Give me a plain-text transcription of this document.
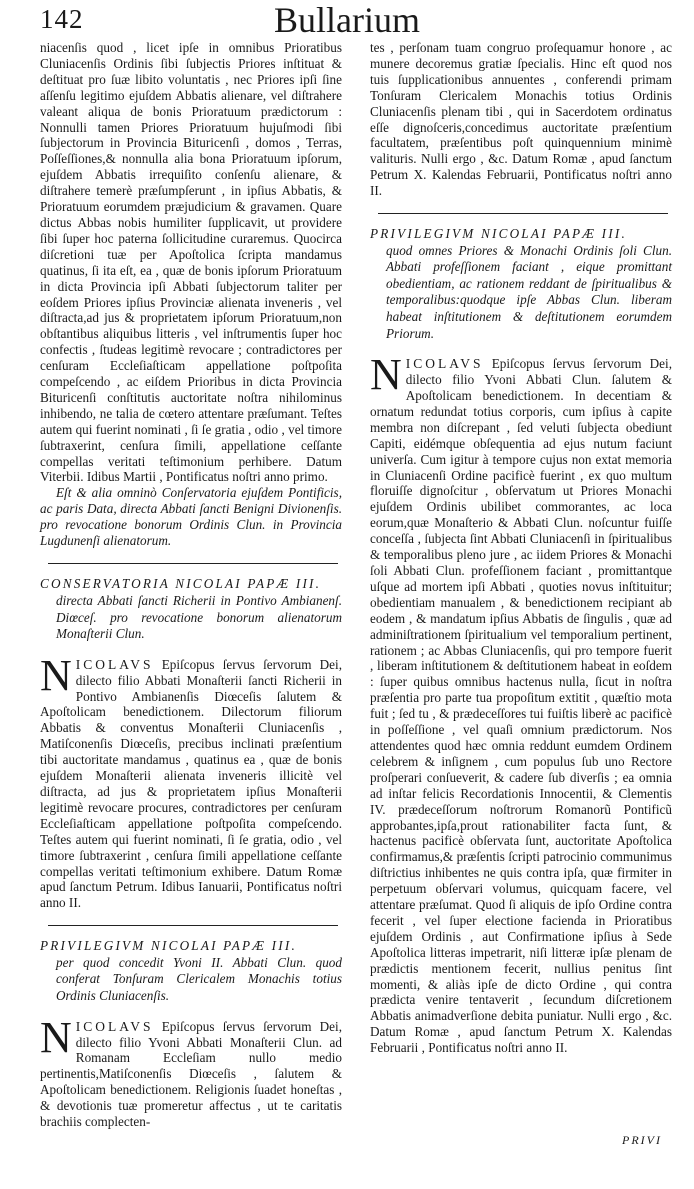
142	Bullarium

niacenſis quod , licet ipſe in omnibus Prioratibus Cluniacenſis Ordinis ſibi ſubjectis Priores inſtituat & deſtituat pro ſuæ libito voluntatis , nec Priores ipſi ſine aſſenſu legitimo ejuſdem Abbatis alienare, vel diſtrahere valeant aliqua de bonis Prioratuum prædictorum : Nonnulli tamen Priores Prioratuum hujuſmodi ſibi ſubjectorum in Provincia Bituricenſi , domos , Terras, Poſſeſſiones,& nonnulla alia bona Prioratuum ipſorum, ejuſdem Abbatis irrequiſito conſenſu alienare, & diſtrahere temerè præſumpſerunt , in ipſius Abbatis, & Prioratuum eorumdem præjudicium & gravamen. Quare dictus Abbas nobis humiliter ſupplicavit, ut providere ſibi ſuper hoc paterna ſollicitudine curaremus. Quocirca diſcretioni tuæ per Apoſtolica ſcripta mandamus quatinus, ſi ita eſt, ea , quæ de bonis ipſorum Prioratuum in dicta Provincia ipſi Abbati ſubjectorum taliter per eoſdem Priores ipſius Provinciæ alienata inveneris , vel diſtracta,ad jus & proprietatem ipſorum Prioratuum,non obſtantibus aliquibus litteris , vel inſtrumentis ſuper hoc confectis , ſtudeas legitimè revocare ; contradictores per cenſuram Eccleſiaſticam appellatione poſtpoſita compeſcendo , ac eiſdem Prioribus in dicta Provincia Bituricenſi conſtitutis auctoritate noſtra nihilominus inhibendo, ne talia de cœtero attentare præſumant. Teſtes autem qui fuerint nominati , ſi ſe gratia , odio , vel timore ſubtraxerint, cenſura ſimili, appellatione ceſſante compellas veritati teſtimonium perhibere. Datum Viterbii. Idibus Martii , Pontificatus noſtri anno primo.

Eſt & alia omninò Conſervatoria ejuſdem Pontificis, ac paris Data, directa Abbati ſancti Benigni Divionenſis. pro revocatione bonorum Ordinis Clun. in Provincia Lugdunenſi alienatorum.

CONSERVATORIA NICOLAI PAPÆ III.
directa Abbati ſancti Richerii in Pontivo Ambianenſ. Diœceſ. pro revocatione bonorum alienatorum Monaſterii Clun.

NICOLAVS Epiſcopus ſervus ſervorum Dei, dilecto filio Abbati Monaſterii ſancti Richerii in Pontivo Ambianenſis Diœceſis ſalutem & Apoſtolicam benedictionem. Dilectorum filiorum Abbatis & conventus Monaſterii Cluniacenſis , Matiſconenſis Diœceſis, precibus inclinati præſentium tibi auctoritate mandamus , quatinus ea , quæ de bonis ejuſdem Monaſterii alienata inveneris illicitè vel diſtracta, ad jus & proprietatem ipſius Monaſterii legitimè revocare procures, contradictores per cenſuram Eccleſiaſticam appellatione poſtpoſita compeſcendo. Teſtes autem qui fuerint nominati, ſi ſe gratia, odio , vel timore ſubtraxerint , cenſura ſimili appellatione ceſſante compellas veritati teſtimonium exhibere. Datum Romæ apud ſanctum Petrum. Idibus Ianuarii, Pontificatus noſtri anno II.

PRIVILEGIVM NICOLAI PAPÆ III.
per quod concedit Yvoni II. Abbati Clun. quod conferat Tonſuram Clericalem Monachis totius Ordinis Cluniacenſis.

NICOLAVS Epiſcopus ſervus ſervorum Dei, dilecto filio Yvoni Abbati Monaſterii Clun. ad Romanam Eccleſiam nullo medio pertinentis,Matiſconenſis Diœceſis , ſalutem & Apoſtolicam benedictionem. Religionis ſuadet honeſtas , & devotionis tuæ promeretur affectus , ut te caritatis brachiis complecten-

tes , perſonam tuam congruo proſequamur honore , ac munere decoremus gratiæ ſpecialis. Hinc eſt quod nos tuis ſupplicationibus annuentes , conferendi primam Tonſuram Clericalem Monachis totius Ordinis Cluniacenſis plenam tibi , qui in Sacerdotem ordinatus eſſe dignoſceris,concedimus auctoritate præſentium facultatem, præſentibus poſt quinquennium minimè valituris. Nulli ergo , &c. Datum Romæ , apud ſanctum Petrum X. Kalendas Februarii, Pontificatus noſtri anno II.

PRIVILEGIVM NICOLAI PAPÆ III.
quod omnes Priores & Monachi Ordinis ſoli Clun. Abbati profeſſionem faciant , eique promittant obedientiam, ac rationem reddant de ſpiritualibus & temporalibus:quodque ipſe Abbas Clun. liberam habeat inſtitutionem & deſtitutionem eorumdem Priorum.

NICOLAVS Epiſcopus ſervus ſervorum Dei, dilecto filio Yvoni Abbati Clun. ſalutem & Apoſtolicam benedictionem. In decentiam & ornatum redundat totius corporis, cum ipſius à capite membra non diſcrepant , ſed veluti ſubjecta obediunt Capiti, eidémque obſequentia ad ejus nutum faciunt univerſa. Cum igitur à tempore cujus non extat memoria in Cluniacenſi Ordine pacificè fuerint , ex quo multum floruiſſe dignoſcitur , obſervatum ut Priores Monachi ejuſdem Ordinis ubilibet commorantes, ac loca eorum,quæ Monaſterio & Abbati Clun. noſcuntur fuiſſe conceſſa , ſubjecta ſint Abbati Cluniacenſi in ſpiritualibus & temporalibus pleno jure , ac iidem Priores & Monachi ſoli Abbati Clun. profeſſionem faciant , promittantque uſque ad mortem ipſi Abbati , quoties novus inſtituitur; obedientiam manualem , & benedictionem recipiant ab eodem , & mandatum ipſius Abbatis de ſingulis , quæ ad adminiſtrationem ſpiritualium vel temporalium pertinent, rationem ; ac Abbas Cluniacenſis, qui pro tempore fuerit , liberam inſtitutionem & deſtitutionem habeat in eoſdem : ſuper quibus omnibus hactenus nulla, ſicut in noſtra præſentia pro parte tua propoſitum extitit , quæſtio mota fuit ; ſed tu , & prædeceſſores tui fuiſtis liberè ac pacificè in poſſeſſione , vel quaſi omnium prædictorum. Nos attendentes quod hæc omnia reddunt eumdem Ordinem celebrem & inſignem , cum populus ſub uno Rectore proſperari conſueverit, & cadere ſub diverſis ; ea omnia ad inſtar felicis Recordationis Innocentii, & Clementis IV. prædeceſſorum noſtrorum Romanorũ Pontificũ approbantes,ipſa,prout rationabiliter facta ſunt, & hactenus pacificè obſervata ſunt, auctoritate Apoſtolica confirmamus,& præſentis ſcripti patrocinio communimus diſtrictius inhibentes ne quis contra ipſa, quæ firmiter in perpetuum obſervari volumus, quicquam facere, vel attentare præſumat. Quod ſi aliquis de ipſo Ordine contra fecerit , vel ſuper electione facienda in Prioratibus ejuſdem Ordinis , aut Confirmatione ipſius à Sede Apoſtolica litteras impetrarit, niſi litteræ ipſæ plenam de prædictis mentionem fecerit, nullius penitus ſint momenti, & aliàs ipſe de dicto Ordine , qui contra prædicta venire tentaverit , ſecundum diſcretionem Abbatis animadverſione debita puniatur. Nulli ergo , &c. Datum Romæ , apud ſanctum Petrum X. Kalendas Februarii , Pontificatus noſtri anno II.

PRIVI
